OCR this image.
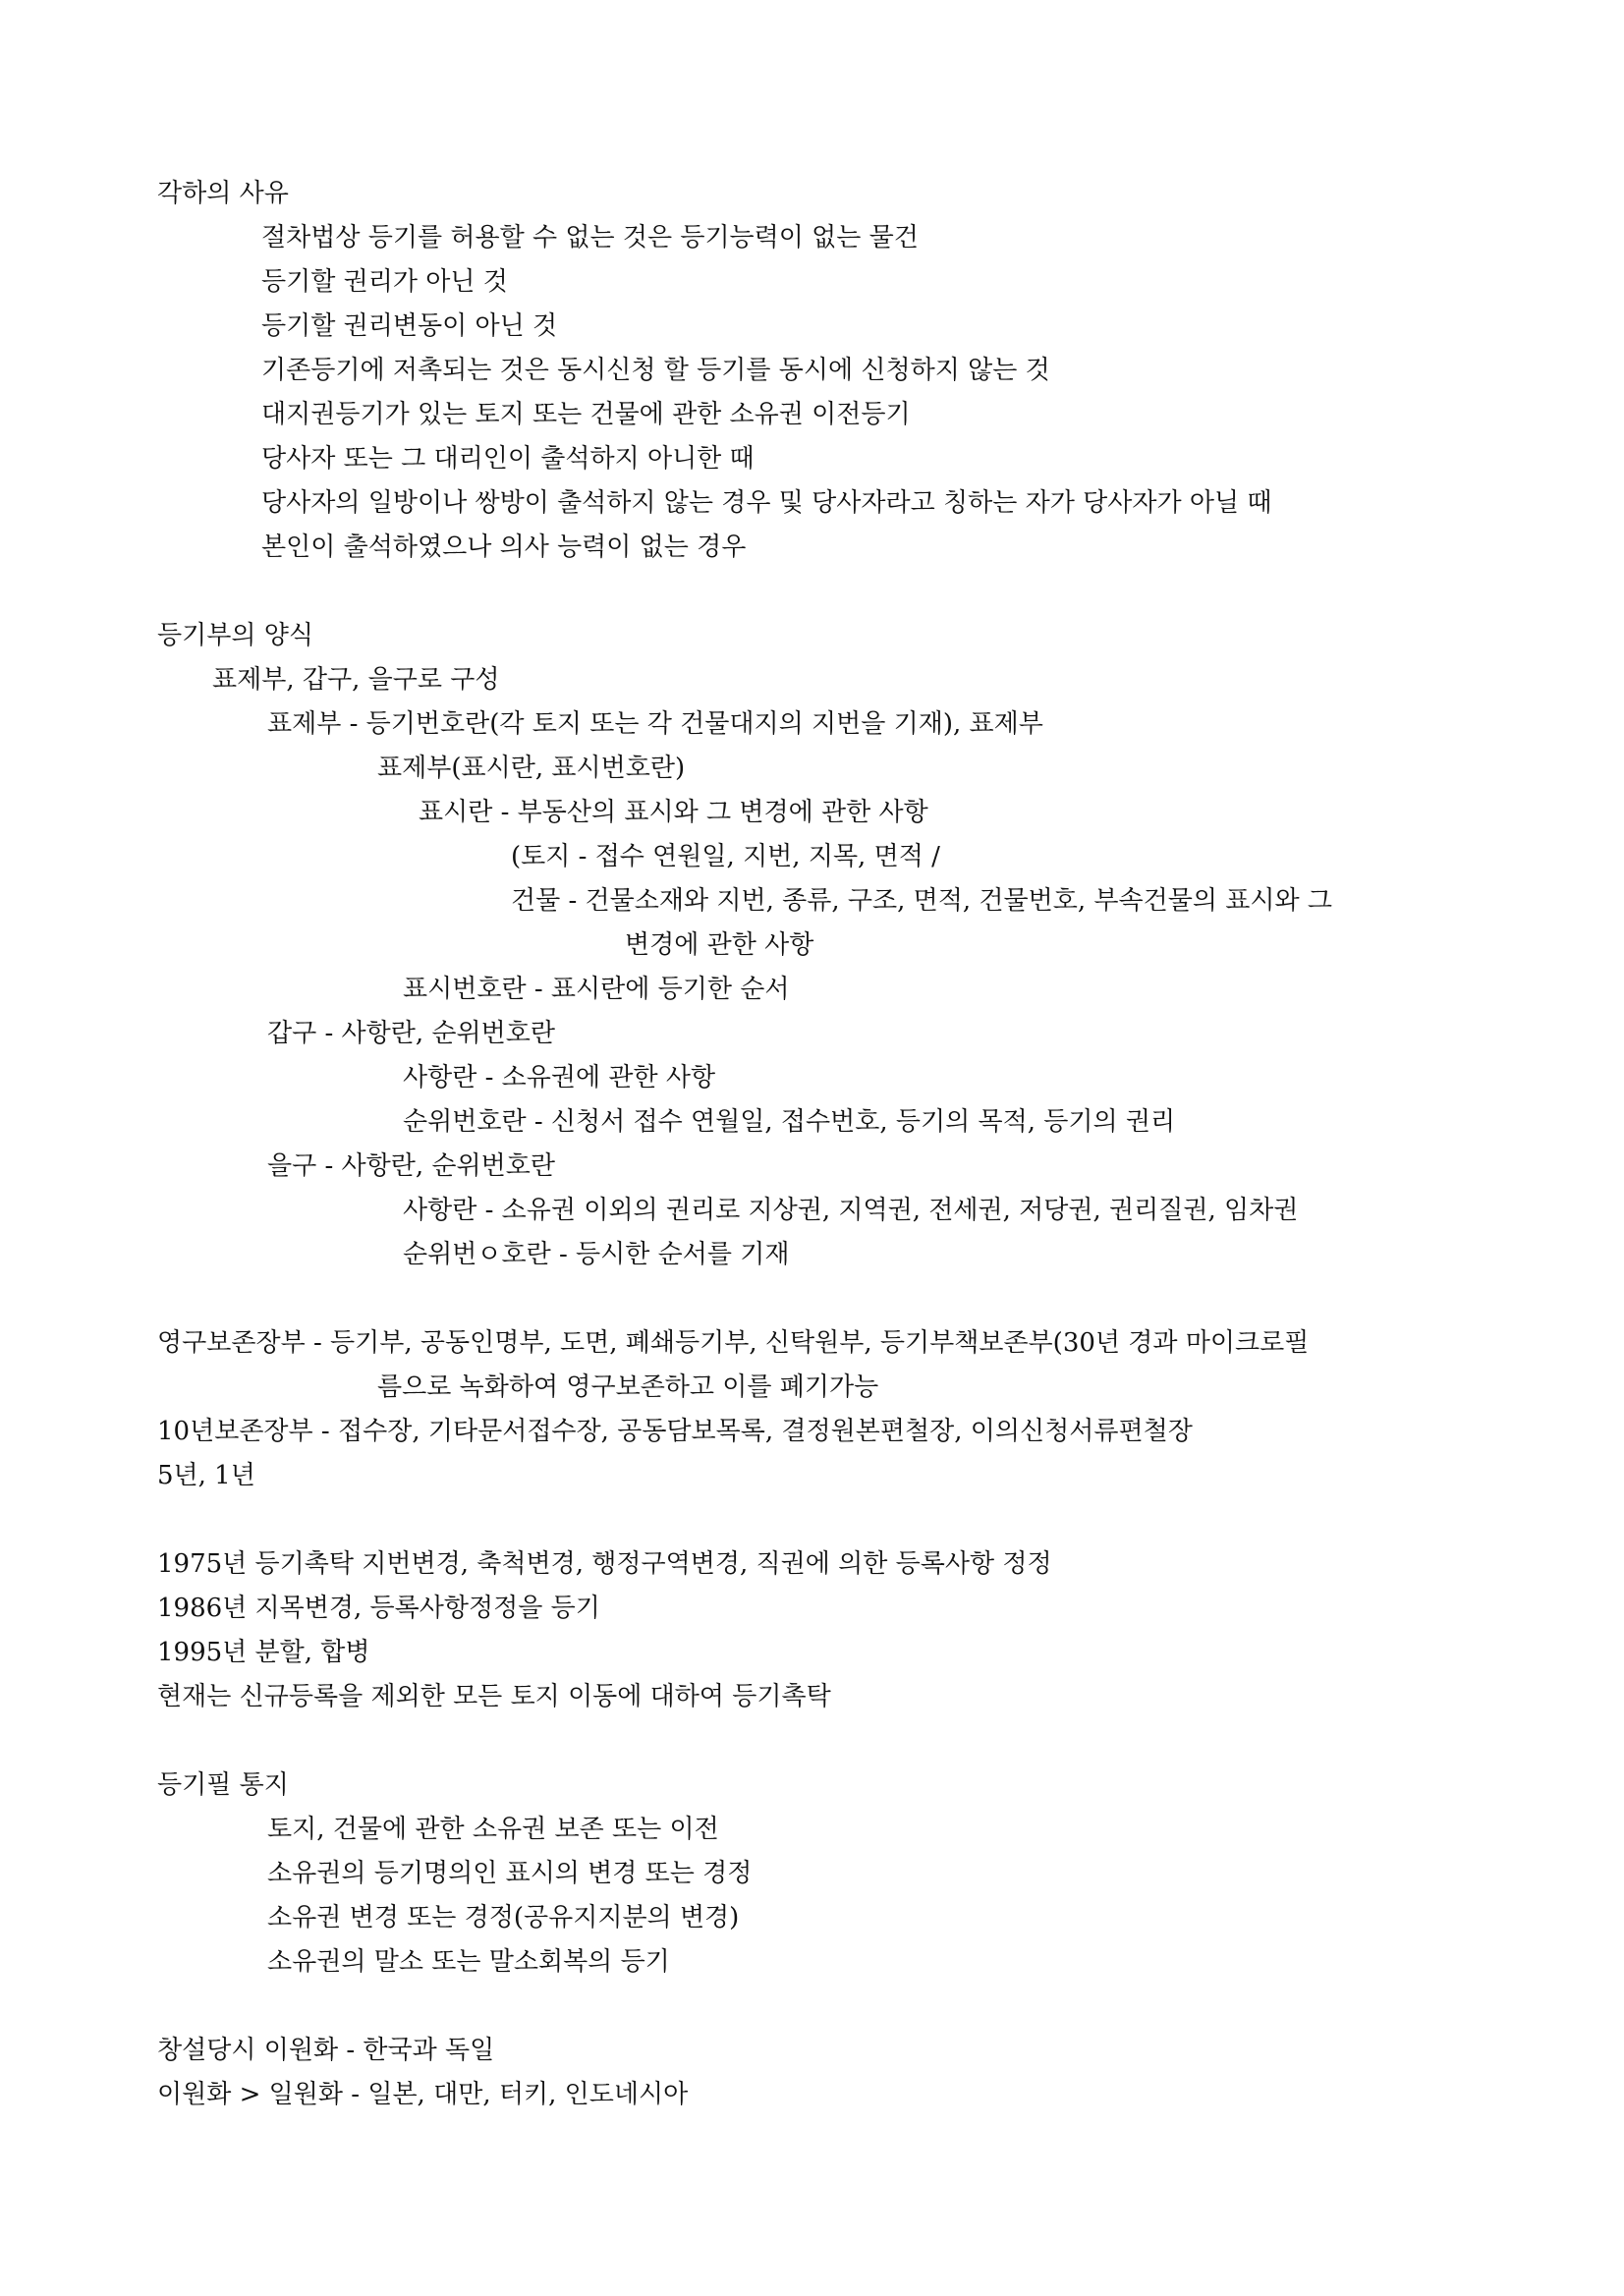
각하의 사유
절차법상 등기를 허용할 수 없는 것은 등기능력이 없는 물건
등기할 권리가 아닌 것
등기할 권리변동이 아닌 것
기존등기에 저촉되는 것은 동시신청 할 등기를 동시에 신청하지 않는 것
대지권등기가 있는 토지 또는 건물에 관한 소유권 이전등기
당사자 또는 그 대리인이 출석하지 아니한 때
당사자의 일방이나 쌍방이 출석하지 않는 경우 및 당사자라고 칭하는 자가 당사자가 아닐 때
본인이 출석하였으나 의사 능력이 없는 경우
등기부의 양식
표제부, 갑구, 을구로 구성
표제부 - 등기번호란(각 토지 또는 각 건물대지의 지번을 기재), 표제부
표제부(표시란, 표시번호란)
표시란 - 부동산의 표시와 그 변경에 관한 사항
(토지 - 접수 연원일, 지번, 지목, 면적 /
건물 - 건물소재와 지번, 종류, 구조, 면적, 건물번호, 부속건물의 표시와 그
변경에 관한 사항
표시번호란 - 표시란에 등기한 순서
갑구 - 사항란, 순위번호란
사항란 - 소유권에 관한 사항
순위번호란 - 신청서 접수 연월일, 접수번호, 등기의 목적, 등기의 권리
을구 - 사항란, 순위번호란
사항란 - 소유권 이외의 권리로 지상권, 지역권, 전세권, 저당권, 권리질권, 임차권
순위번ㅇ호란 - 등시한 순서를 기재
영구보존장부 - 등기부, 공동인명부, 도면, 폐쇄등기부, 신탁원부, 등기부책보존부(30년 경과 마이크로필
름으로 녹화하여 영구보존하고 이를 폐기가능
10년보존장부 - 접수장, 기타문서접수장, 공동담보목록, 결정원본편철장, 이의신청서류편철장
5년, 1년
1975년 등기촉탁 지번변경, 축척변경, 행정구역변경, 직권에 의한 등록사항 정정
1986년 지목변경, 등록사항정정을 등기
1995년 분할, 합병
현재는 신규등록을 제외한 모든 토지 이동에 대하여 등기촉탁
등기필 통지
토지, 건물에 관한 소유권 보존 또는 이전
소유권의 등기명의인 표시의 변경 또는 경정
소유권 변경 또는 경정(공유지지분의 변경)
소유권의 말소 또는 말소회복의 등기
창설당시 이원화 - 한국과 독일
이원화 > 일원화 - 일본, 대만, 터키, 인도네시아
